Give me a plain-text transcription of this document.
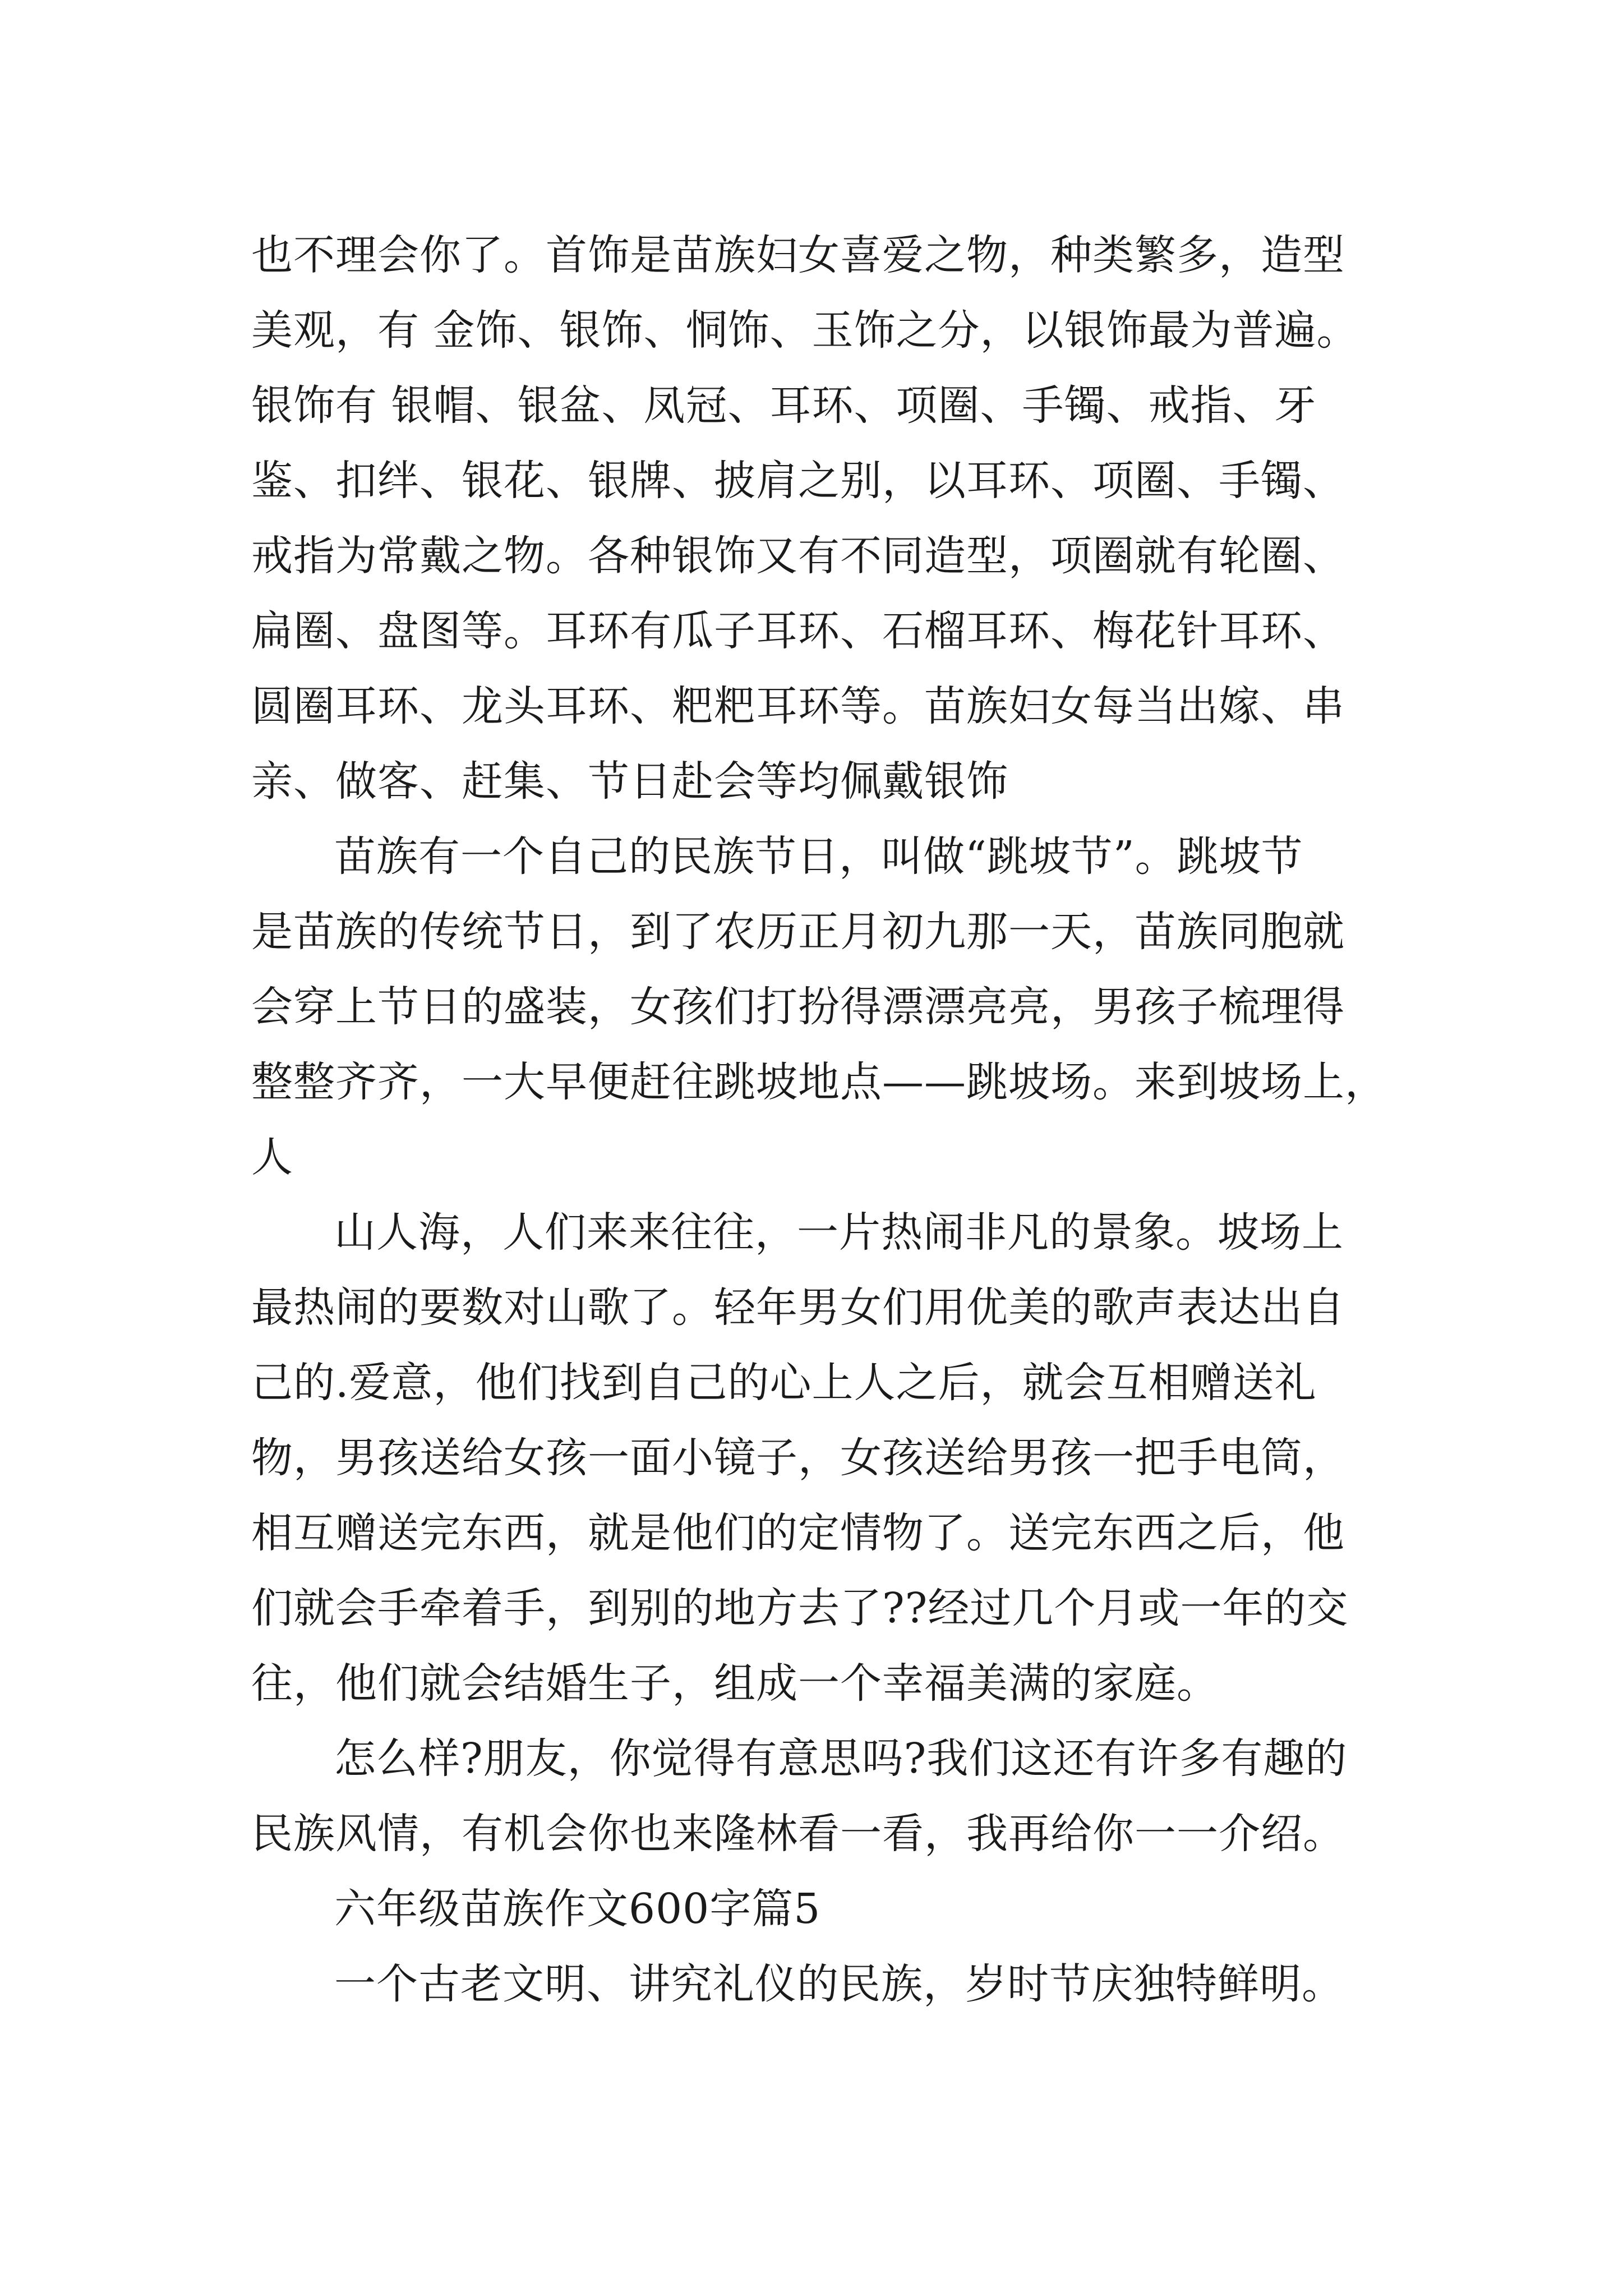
也不理会你了。首饰是苗族妇女喜爱之物，种类繁多，造型
美观，有 金饰、银饰、恫饰、玉饰之分，以银饰最为普遍。
银饰有 银帽、银盆、凤冠、耳环、项圈、手镯、戒指、牙
鉴、扣绊、银花、银牌、披肩之别，以耳环、项圈、手镯、
戒指为常戴之物。各种银饰又有不同造型，项圈就有轮圈、
扁圈、盘图等。耳环有瓜子耳环、石榴耳环、梅花针耳环、
圆圈耳环、龙头耳环、粑粑耳环等。苗族妇女每当出嫁、串
亲、做客、赶集、节日赴会等均佩戴银饰
苗族有一个自己的民族节日，叫做“跳坡节”。跳坡节
是苗族的传统节日，到了农历正月初九那一天，苗族同胞就
会穿上节日的盛装，女孩们打扮得漂漂亮亮，男孩子梳理得
整整齐齐，一大早便赶往跳坡地点——跳坡场。来到坡场上，
人
山人海，人们来来往往，一片热闹非凡的景象。坡场上
最热闹的要数对山歌了。轻年男女们用优美的歌声表达出自
己的.爱意，他们找到自己的心上人之后，就会互相赠送礼
物，男孩送给女孩一面小镜子，女孩送给男孩一把手电筒，
相互赠送完东西，就是他们的定情物了。送完东西之后，他
们就会手牵着手，到别的地方去了??经过几个月或一年的交
往，他们就会结婚生子，组成一个幸福美满的家庭。
怎么样?朋友，你觉得有意思吗?我们这还有许多有趣的
民族风情，有机会你也来隆林看一看，我再给你一一介绍。
六年级苗族作文600字篇5
一个古老文明、讲究礼仪的民族，岁时节庆独特鲜明。
